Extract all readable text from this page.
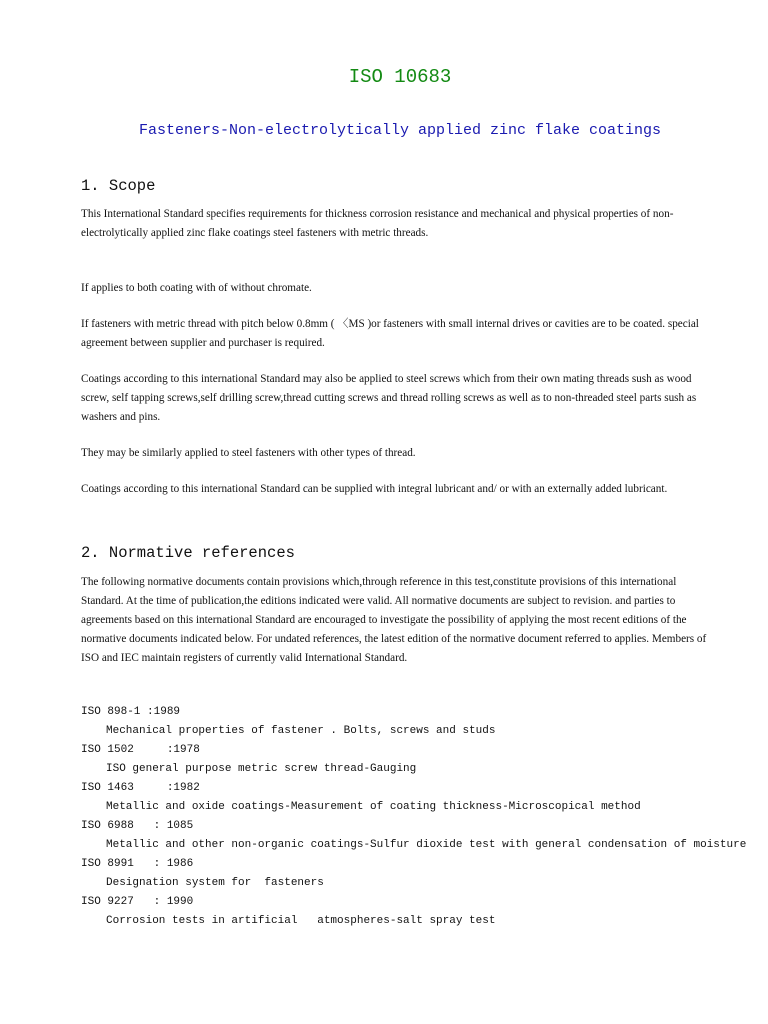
ISO 10683
Fasteners-Non-electrolytically applied zinc flake coatings
1. Scope

This International Standard specifies requirements for thickness corrosion resistance and mechanical and physical properties of non-electrolytically applied zinc flake coatings steel fasteners with metric threads.

If applies to both coating with of without chromate.

If fasteners with metric thread with pitch below 0.8mm ( 〈MS )or fasteners with small internal drives or cavities are to be coated. special agreement between supplier and purchaser is required.

Coatings according to this international Standard may also be applied to steel screws which from their own mating threads sush as wood screw, self tapping screws,self drilling screw,thread cutting screws and thread rolling screws as well as to non-threaded steel parts sush as washers and pins.

They may be similarly applied to steel fasteners with other types of thread.

Coatings according to this international Standard can be supplied with integral lubricant and/ or with an externally added lubricant.

2. Normative references

The following normative documents contain provisions which,through reference in this test,constitute provisions of this international Standard. At the time of publication,the editions indicated were valid. All normative documents are subject to revision. and parties to agreements based on this international Standard are encouraged to investigate the possibility of applying the most recent editions of the normative documents indicated below. For undated references, the latest edition of the normative document referred to applies. Members of ISO and IEC maintain registers of currently valid International Standard.

ISO 898-1 :1989
Mechanical properties of fastener . Bolts, screws and studs
ISO 1502     :1978
ISO general purpose metric screw thread-Gauging
ISO 1463     :1982
Metallic and oxide coatings-Measurement of coating thickness-Microscopical method
ISO 6988   : 1085
Metallic and other non-organic coatings-Sulfur dioxide test with general condensation of moisture
ISO 8991   : 1986
Designation system for  fasteners
ISO 9227   : 1990
Corrosion tests in artificial   atmospheres-salt spray test
